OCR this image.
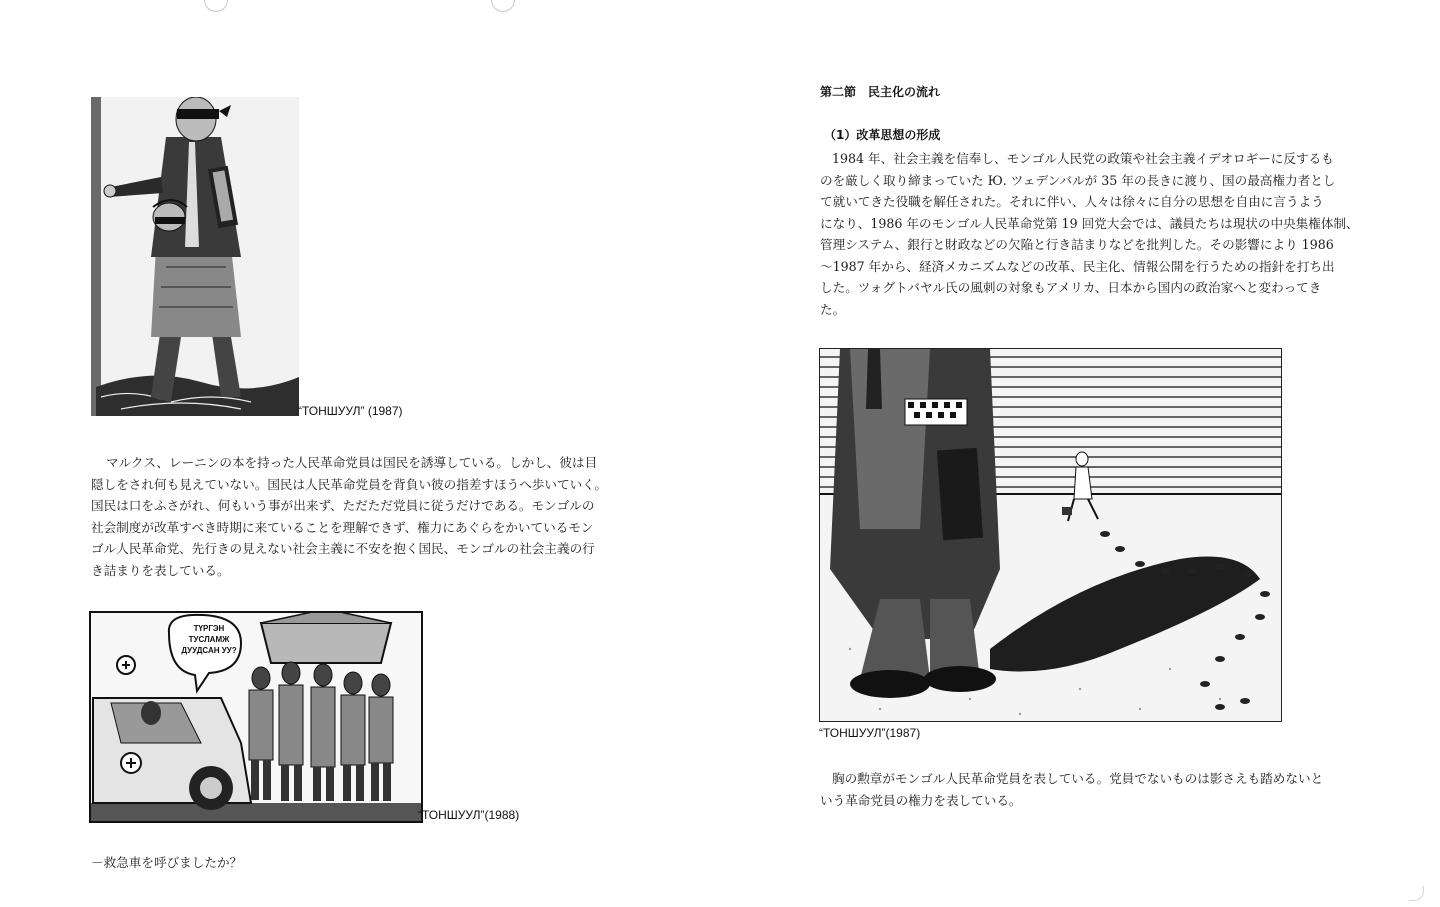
“ТОНШУУЛ” (1987)
マルクス、レーニンの本を持った人民革命党員は国民を誘導している。しかし、彼は目
隠しをされ何も見えていない。国民は人民革命党員を背負い彼の指差すほうへ歩いていく。
国民は口をふさがれ、何もいう事が出来ず、ただただ党員に従うだけである。モンゴルの
社会制度が改革すべき時期に来ていることを理解できず、権力にあぐらをかいているモン
ゴル人民革命党、先行きの見えない社会主義に不安を抱く国民、モンゴルの社会主義の行
き詰まりを表している。
ТҮРГЭН
ТУСЛАМЖ
ДУУДСАН УУ?
“ТОНШУУЛ”(1988)
－救急車を呼びましたか？
第二節　民主化の流れ
（1）改革思想の形成
1984 年、社会主義を信奉し、モンゴル人民党の政策や社会主義イデオロギーに反するも
のを厳しく取り締まっていた Ю. ツェデンバルが 35 年の長きに渡り、国の最高権力者とし
て就いてきた役職を解任された。それに伴い、人々は徐々に自分の思想を自由に言うよう
になり、1986 年のモンゴル人民革命党第 19 回党大会では、議員たちは現状の中央集権体制、
管理システム、銀行と財政などの欠陥と行き詰まりなどを批判した。その影響により 1986
～1987 年から、経済メカニズムなどの改革、民主化、情報公開を行うための指針を打ち出
した。ツォグトバヤル氏の風刺の対象もアメリカ、日本から国内の政治家へと変わってき
た。
“ТОНШУУЛ”(1987)
胸の勲章がモンゴル人民革命党員を表している。党員でないものは影さえも踏めないと
いう革命党員の権力を表している。
